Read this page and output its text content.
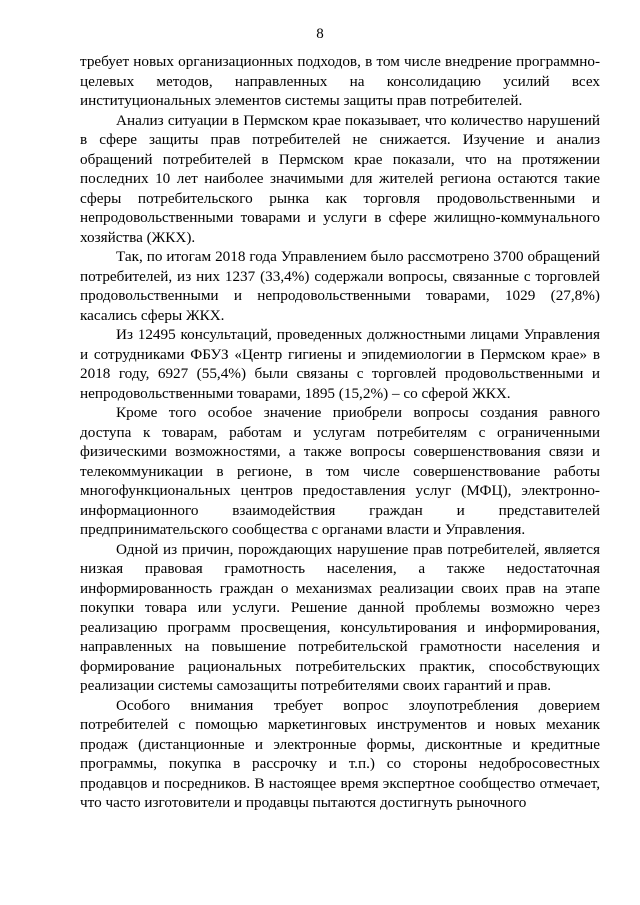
8

требует новых организационных подходов, в том числе внедрение программно-целевых методов, направленных на консолидацию усилий всех институциональных элементов системы защиты прав потребителей.

Анализ ситуации в Пермском крае показывает, что количество нарушений в сфере защиты прав потребителей не снижается. Изучение и анализ обращений потребителей в Пермском крае показали, что на протяжении последних 10 лет наиболее значимыми для жителей региона остаются такие сферы потребительского рынка как торговля продовольственными и непродовольственными товарами и услуги в сфере жилищно-коммунального хозяйства (ЖКХ).

Так, по итогам 2018 года Управлением было рассмотрено 3700 обращений потребителей, из них 1237 (33,4%) содержали вопросы, связанные с торговлей продовольственными и непродовольственными товарами, 1029 (27,8%) касались сферы ЖКХ.

Из 12495 консультаций, проведенных должностными лицами Управления и сотрудниками ФБУЗ «Центр гигиены и эпидемиологии в Пермском крае» в 2018 году, 6927 (55,4%) были связаны с торговлей продовольственными и непродовольственными товарами, 1895 (15,2%) – со сферой ЖКХ.

Кроме того особое значение приобрели вопросы создания равного доступа к товарам, работам и услугам потребителям с ограниченными физическими возможностями, а также вопросы совершенствования связи и телекоммуникации в регионе, в том числе совершенствование работы многофункциональных центров предоставления услуг (МФЦ), электронно-информационного взаимодействия граждан и представителей предпринимательского сообщества с органами власти и Управления.

Одной из причин, порождающих нарушение прав потребителей, является низкая правовая грамотность населения, а также недостаточная информированность граждан о механизмах реализации своих прав на этапе покупки товара или услуги. Решение данной проблемы возможно через реализацию программ просвещения, консультирования и информирования, направленных на повышение потребительской грамотности населения и формирование рациональных потребительских практик, способствующих реализации системы самозащиты потребителями своих гарантий и прав.

Особого внимания требует вопрос злоупотребления доверием потребителей с помощью маркетинговых инструментов и новых механик продаж (дистанционные и электронные формы, дисконтные и кредитные программы, покупка в рассрочку и т.п.) со стороны недобросовестных продавцов и посредников. В настоящее время экспертное сообщество отмечает, что часто изготовители и продавцы пытаются достигнуть рыночного
